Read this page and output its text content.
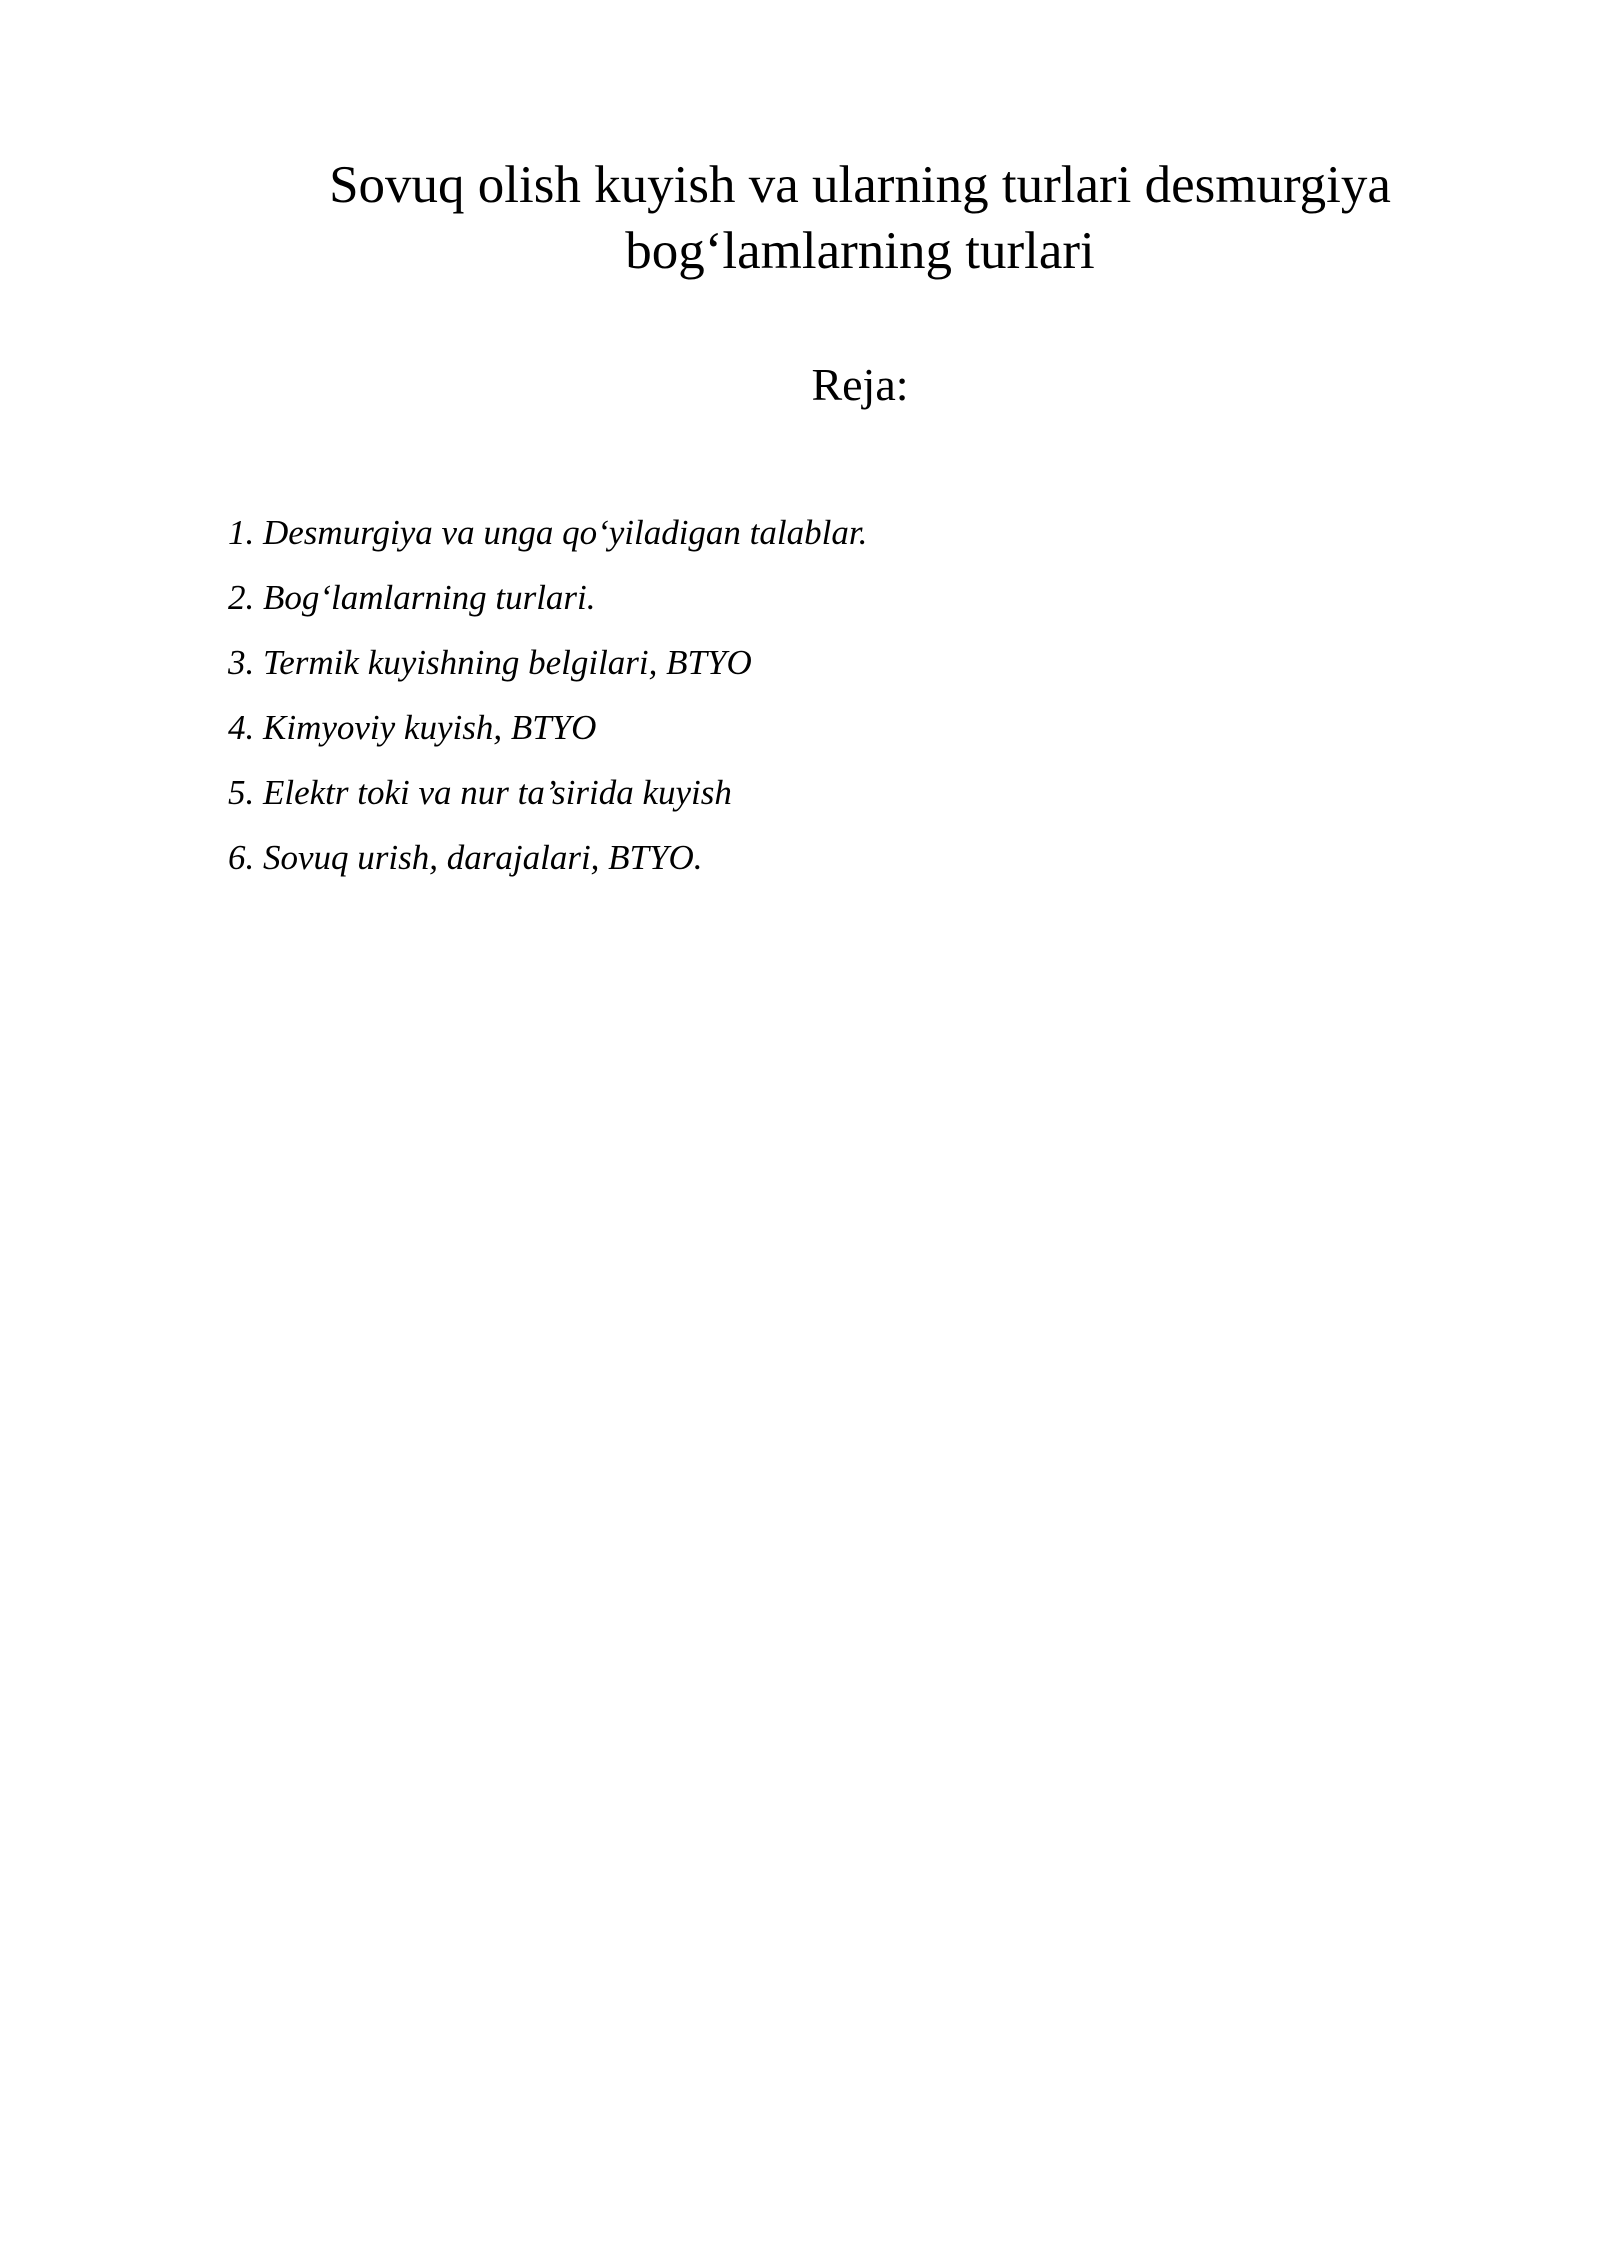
Sovuq olish kuyish va ularning turlari desmurgiya
bog‘lamlarning turlari
Reja:
1. Desmurgiya va unga qo‘yiladigan talablar.
2. Bog‘lamlarning turlari.
3. Termik kuyishning belgilari, BTYO
4. Kimyoviy kuyish, BTYO
5. Elektr toki va nur ta’sirida kuyish
6. Sovuq urish, darajalari, BTYO.
